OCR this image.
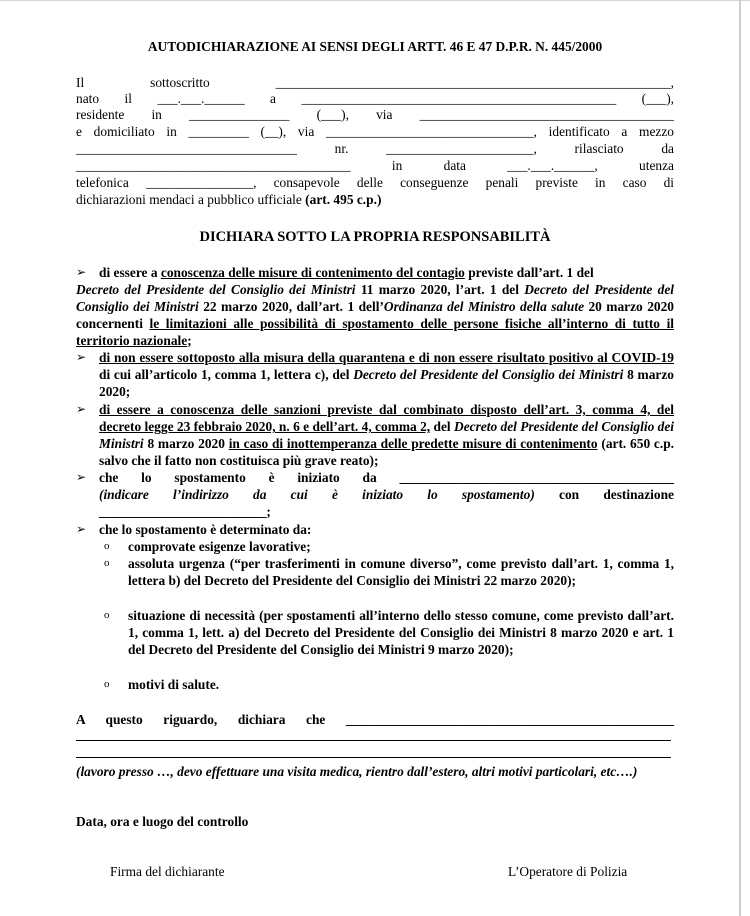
AUTODICHIARAZIONE AI SENSI DEGLI ARTT. 46 E 47 D.P.R. N. 445/2000
Il sottoscritto ___________________________________________________________,
nato il ___.___.______ a _______________________________________________ (___),
residente in _______________ (___), via ______________________________________
e domiciliato in _________ (__), via _______________________________, identificato a mezzo
_________________________________ nr. ______________________, rilasciato da
_________________________________________ in data ___.___.______, utenza
telefonica ________________, consapevole delle conseguenze penali previste in caso di
dichiarazioni mendaci a pubblico ufficiale (art. 495 c.p.)
DICHIARA SOTTO LA PROPRIA RESPONSABILITÀ
➢ di essere a conoscenza delle misure di contenimento del contagio previste dall’art. 1 del
Decreto del Presidente del Consiglio dei Ministri 11 marzo 2020, l’art. 1 del Decreto del Presidente del Consiglio dei Ministri 22 marzo 2020, dall’art. 1 dell’Ordinanza del Ministro della salute 20 marzo 2020 concernenti le limitazioni alle possibilità di spostamento delle persone fisiche all’interno di tutto il territorio nazionale;
➢ di non essere sottoposto alla misura della quarantena e di non essere risultato positivo al COVID-19 di cui all’articolo 1, comma 1, lettera c), del Decreto del Presidente del Consiglio dei Ministri 8 marzo 2020;
➢ di essere a conoscenza delle sanzioni previste dal combinato disposto dell’art. 3, comma 4, del decreto legge 23 febbraio 2020, n. 6 e dell’art. 4, comma 2, del Decreto del Presidente del Consiglio dei Ministri 8 marzo 2020 in caso di inottemperanza delle predette misure di contenimento (art. 650 c.p. salvo che il fatto non costituisca più grave reato);
➢ che lo spostamento è iniziato da _________________________________________
(indicare l’indirizzo da cui è iniziato lo spostamento) con destinazione
_________________________;
➢ che lo spostamento è determinato da:
o comprovate esigenze lavorative;
o assoluta urgenza (“per trasferimenti in comune diverso”, come previsto dall’art. 1, comma 1, lettera b) del Decreto del Presidente del Consiglio dei Ministri 22 marzo 2020);
o situazione di necessità (per spostamenti all’interno dello stesso comune, come previsto dall’art. 1, comma 1, lett. a) del Decreto del Presidente del Consiglio dei Ministri 8 marzo 2020 e art. 1 del Decreto del Presidente del Consiglio dei Ministri 9 marzo 2020);
o motivi di salute.
A questo riguardo, dichiara che _________________________________________________
(lavoro presso …, devo effettuare una visita medica, rientro dall’estero, altri motivi particolari, etc….)
Data, ora e luogo del controllo
Firma del dichiarante	L’Operatore di Polizia
